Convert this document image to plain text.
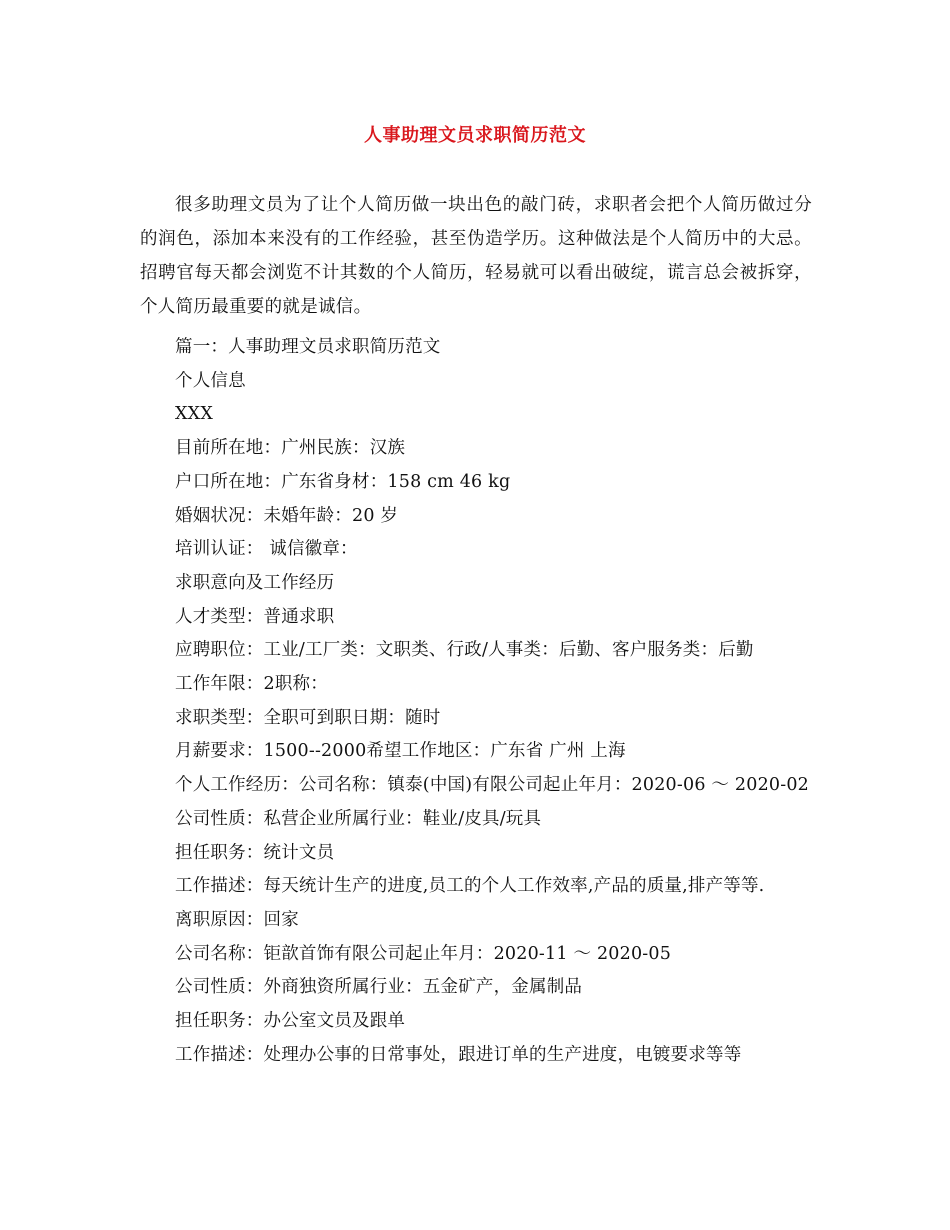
人事助理文员求职简历范文

很多助理文员为了让个人简历做一块出色的敲门砖，求职者会把个人简历做过分的润色，添加本来没有的工作经验，甚至伪造学历。这种做法是个人简历中的大忌。招聘官每天都会浏览不计其数的个人简历，轻易就可以看出破绽，谎言总会被拆穿，个人简历最重要的就是诚信。

篇一：人事助理文员求职简历范文
个人信息
XXX
目前所在地：广州民族：汉族
户口所在地：广东省身材：158 cm 46 kg
婚姻状况：未婚年龄：20 岁
培训认证： 诚信徽章：
求职意向及工作经历
人才类型：普通求职
应聘职位：工业/工厂类：文职类、行政/人事类：后勤、客户服务类：后勤
工作年限：2职称：
求职类型：全职可到职日期：随时
月薪要求：1500--2000希望工作地区：广东省 广州 上海
个人工作经历：公司名称：镇泰(中国)有限公司起止年月：2020-06 ～ 2020-02
公司性质：私营企业所属行业：鞋业/皮具/玩具
担任职务：统计文员
工作描述：每天统计生产的进度,员工的个人工作效率,产品的质量,排产等等.
离职原因：回家
公司名称：钜歆首饰有限公司起止年月：2020-11 ～ 2020-05
公司性质：外商独资所属行业：五金矿产，金属制品
担任职务：办公室文员及跟单
工作描述：处理办公事的日常事处，跟进订单的生产进度，电镀要求等等
